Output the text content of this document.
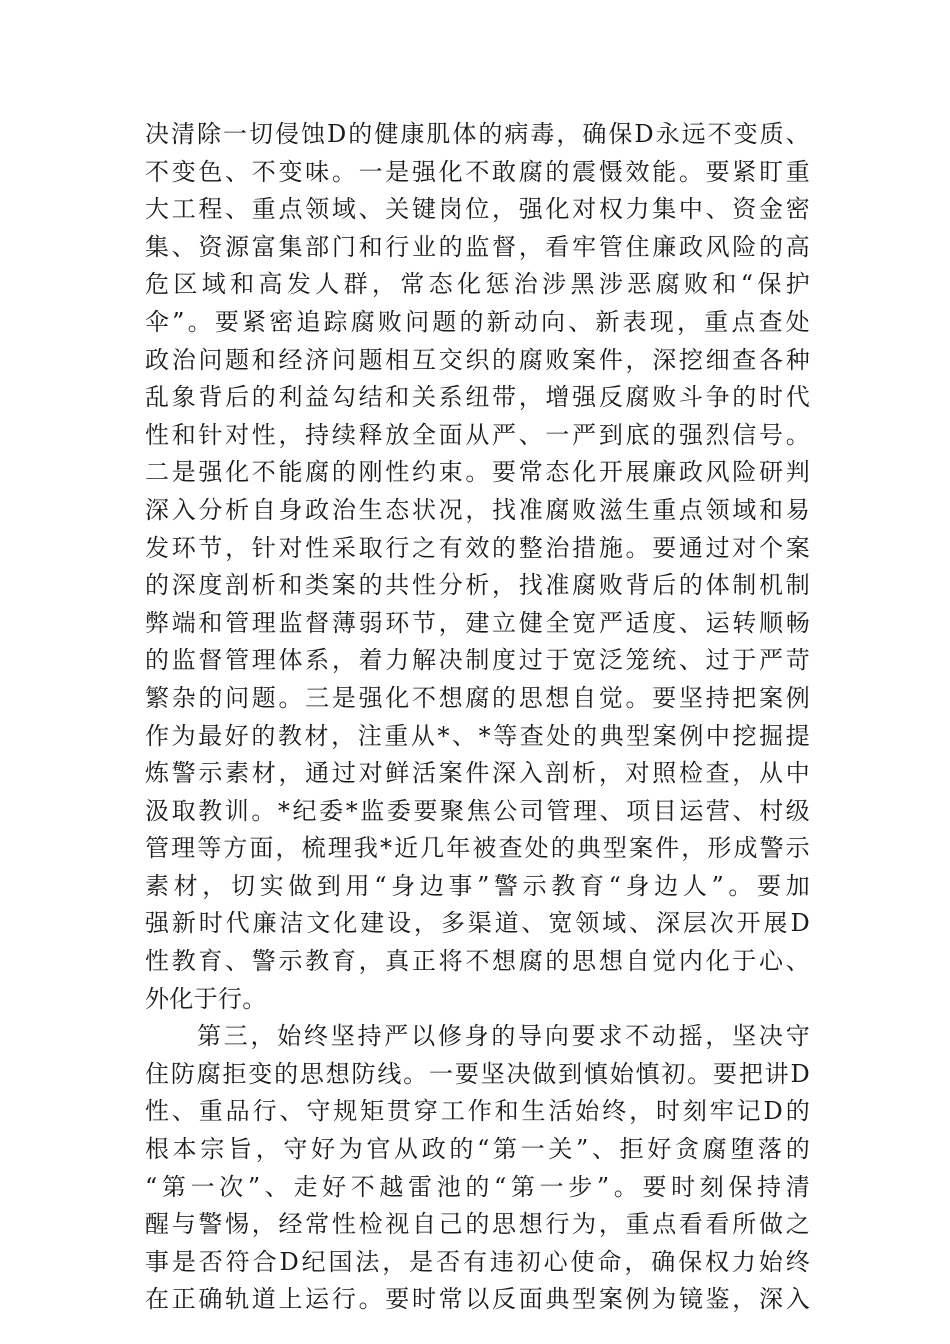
决清除一切侵蚀D的健康肌体的病毒，确保D永远不变质、
不变色、不变味。一是强化不敢腐的震慑效能。要紧盯重
大工程、重点领域、关键岗位，强化对权力集中、资金密
集、资源富集部门和行业的监督，看牢管住廉政风险的高
危区域和高发人群，常态化惩治涉黑涉恶腐败和“保护
伞”。要紧密追踪腐败问题的新动向、新表现，重点查处
政治问题和经济问题相互交织的腐败案件，深挖细查各种
乱象背后的利益勾结和关系纽带，增强反腐败斗争的时代
性和针对性，持续释放全面从严、一严到底的强烈信号。
二是强化不能腐的刚性约束。要常态化开展廉政风险研判
深入分析自身政治生态状况，找准腐败滋生重点领域和易
发环节，针对性采取行之有效的整治措施。要通过对个案
的深度剖析和类案的共性分析，找准腐败背后的体制机制
弊端和管理监督薄弱环节，建立健全宽严适度、运转顺畅
的监督管理体系，着力解决制度过于宽泛笼统、过于严苛
繁杂的问题。三是强化不想腐的思想自觉。要坚持把案例
作为最好的教材，注重从*、*等查处的典型案例中挖掘提
炼警示素材，通过对鲜活案件深入剖析，对照检查，从中
汲取教训。*纪委*监委要聚焦公司管理、项目运营、村级
管理等方面，梳理我*近几年被查处的典型案件，形成警示
素材，切实做到用“身边事”警示教育“身边人”。要加
强新时代廉洁文化建设，多渠道、宽领域、深层次开展D
性教育、警示教育，真正将不想腐的思想自觉内化于心、
外化于行。
第三，始终坚持严以修身的导向要求不动摇，坚决守
住防腐拒变的思想防线。一要坚决做到慎始慎初。要把讲D
性、重品行、守规矩贯穿工作和生活始终，时刻牢记D的
根本宗旨，守好为官从政的“第一关”、拒好贪腐堕落的
“第一次”、走好不越雷池的“第一步”。要时刻保持清
醒与警惕，经常性检视自己的思想行为，重点看看所做之
事是否符合D纪国法，是否有违初心使命，确保权力始终
在正确轨道上运行。要时常以反面典型案例为镜鉴，深入
